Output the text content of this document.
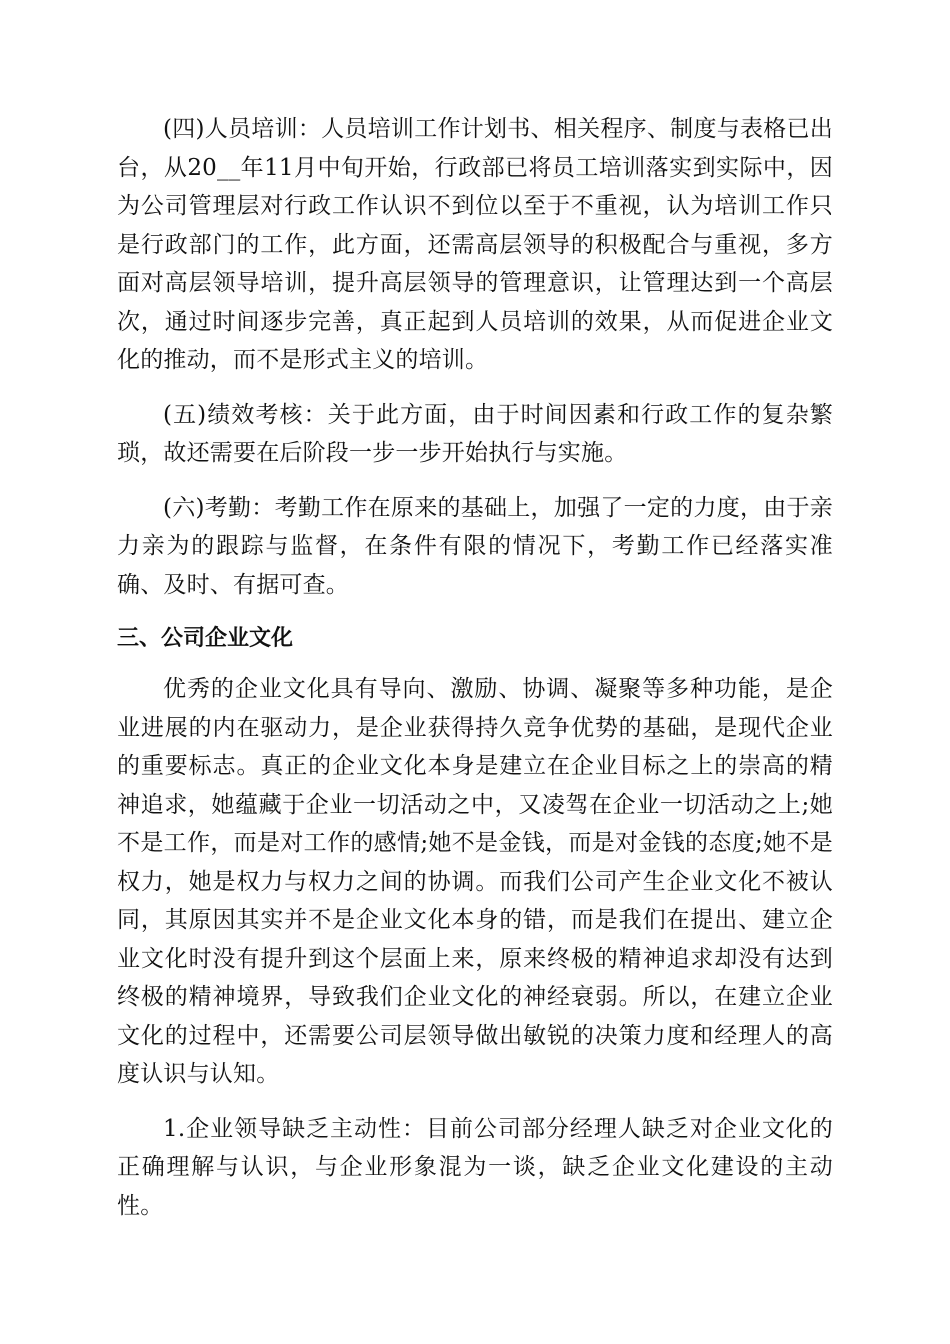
(四)人员培训：人员培训工作计划书、相关程序、制度与表格已出台，从20__年11月中旬开始，行政部已将员工培训落实到实际中，因为公司管理层对行政工作认识不到位以至于不重视，认为培训工作只是行政部门的工作，此方面，还需高层领导的积极配合与重视，多方面对高层领导培训，提升高层领导的管理意识，让管理达到一个高层次，通过时间逐步完善，真正起到人员培训的效果，从而促进企业文化的推动，而不是形式主义的培训。

(五)绩效考核：关于此方面，由于时间因素和行政工作的复杂繁琐，故还需要在后阶段一步一步开始执行与实施。

(六)考勤：考勤工作在原来的基础上，加强了一定的力度，由于亲力亲为的跟踪与监督，在条件有限的情况下，考勤工作已经落实准确、及时、有据可查。

三、公司企业文化

优秀的企业文化具有导向、激励、协调、凝聚等多种功能，是企业进展的内在驱动力，是企业获得持久竞争优势的基础，是现代企业的重要标志。真正的企业文化本身是建立在企业目标之上的崇高的精神追求，她蕴藏于企业一切活动之中，又凌驾在企业一切活动之上;她不是工作，而是对工作的感情;她不是金钱，而是对金钱的态度;她不是权力，她是权力与权力之间的协调。而我们公司产生企业文化不被认同，其原因其实并不是企业文化本身的错，而是我们在提出、建立企业文化时没有提升到这个层面上来，原来终极的精神追求却没有达到终极的精神境界，导致我们企业文化的神经衰弱。所以，在建立企业文化的过程中，还需要公司层领导做出敏锐的决策力度和经理人的高度认识与认知。

1.企业领导缺乏主动性：目前公司部分经理人缺乏对企业文化的正确理解与认识，与企业形象混为一谈，缺乏企业文化建设的主动性。
